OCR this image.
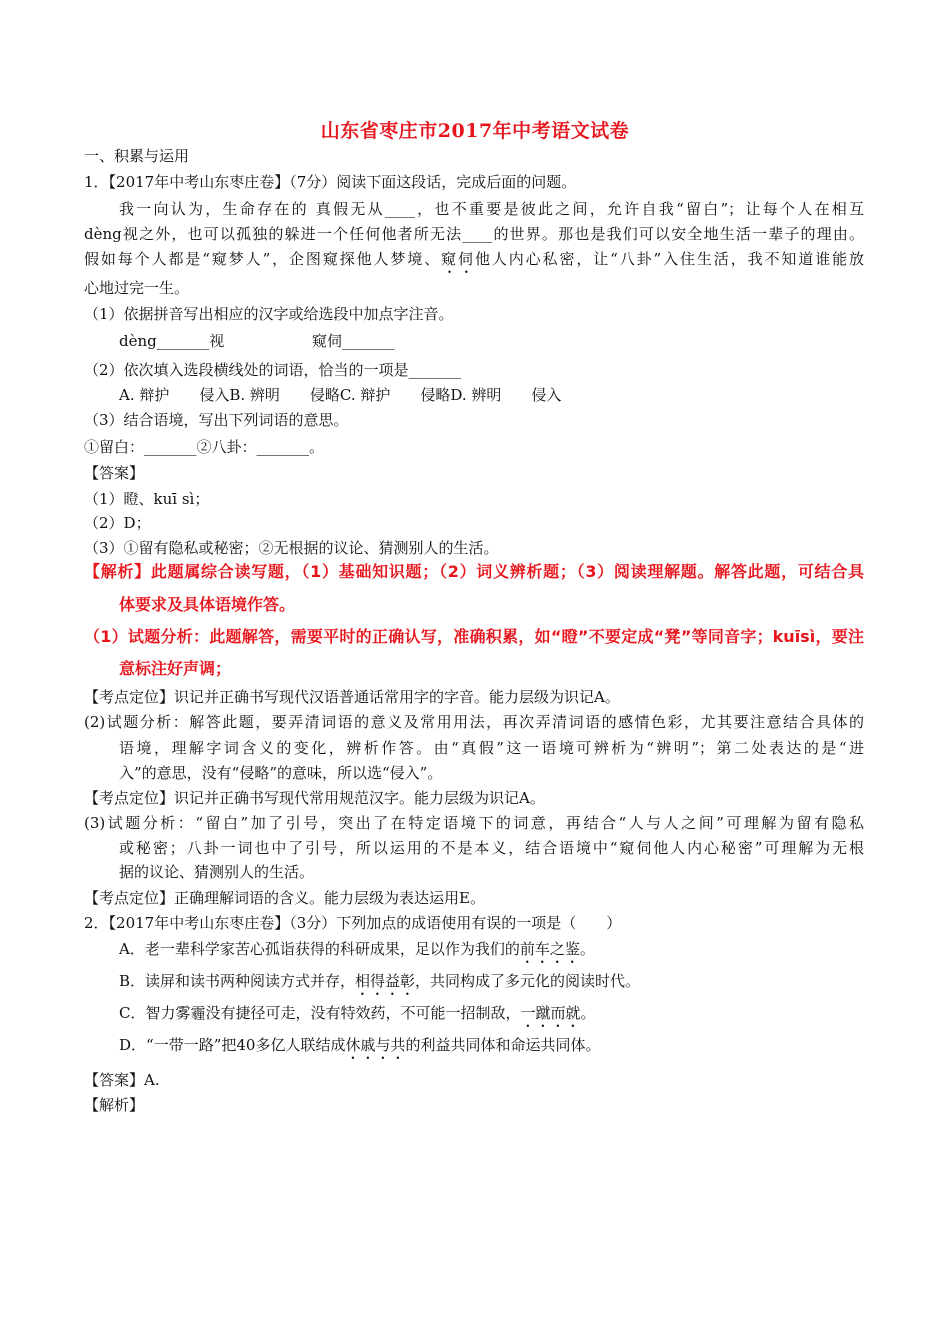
山东省枣庄市2017年中考语文试卷
一、积累与运用
1．【2017年中考山东枣庄卷】（7分）阅读下面这段话，完成后面的问题。
我一向认为，生命存在的 真假无从____，也不重要是彼此之间，允许自我“留白”；让每个人在相互
dèng视之外，也可以孤独的躲进一个任何他者所无法____的世界。那也是我们可以安全地生活一辈子的理由。
假如每个人都是“窥梦人”，企图窥探他人梦境、窥伺他人内心私密，让“八卦”入住生活，我不知道谁能放
心地过完一生。
（1）依据拼音写出相应的汉字或给选段中加点字注音。
dèng_______视	窥伺_______
（2）依次填入选段横线处的词语，恰当的一项是_______
A. 辩护　　侵入B. 辨明　　侵略C. 辩护　　侵略D. 辨明　　侵入
（3）结合语境，写出下列词语的意思。
①留白：_______②八卦：_______。
【答案】
（1）瞪、kuī sì；
（2）D；
（3）①留有隐私或秘密；②无根据的议论、猜测别人的生活。
【解析】此题属综合读写题，（1）基础知识题；（2）词义辨析题；（3）阅读理解题。解答此题，可结合具
体要求及具体语境作答。
（1）试题分析：此题解答，需要平时的正确认写，准确积累，如“瞪”不要定成“凳”等同音字；kuīsì，要注
意标注好声调；
【考点定位】识记并正确书写现代汉语普通话常用字的字音。能力层级为识记A。
(2)试题分析：解答此题，要弄清词语的意义及常用用法，再次弄清词语的感情色彩，尤其要注意结合具体的
语境，理解字词含义的变化，辨析作答。由“真假”这一语境可辨析为“辨明”；第二处表达的是“进
入”的意思，没有“侵略”的意味，所以选“侵入”。
【考点定位】识记并正确书写现代常用规范汉字。能力层级为识记A。
(3)试题分析：“留白”加了引号，突出了在特定语境下的词意，再结合“人与人之间”可理解为留有隐私
或秘密；八卦一词也中了引号，所以运用的不是本义，结合语境中“窥伺他人内心秘密”可理解为无根
据的议论、猜测别人的生活。
【考点定位】正确理解词语的含义。能力层级为表达运用E。
2．【2017年中考山东枣庄卷】（3分）下列加点的成语使用有误的一项是（　　）
A．老一辈科学家苦心孤诣获得的科研成果，足以作为我们的前车之鉴。
B．读屏和读书两种阅读方式并存，相得益彰，共同构成了多元化的阅读时代。
C．智力雾霾没有捷径可走，没有特效药，不可能一招制敌，一蹴而就。
D．“一带一路”把40多亿人联结成休戚与共的利益共同体和命运共同体。
【答案】A.
【解析】
